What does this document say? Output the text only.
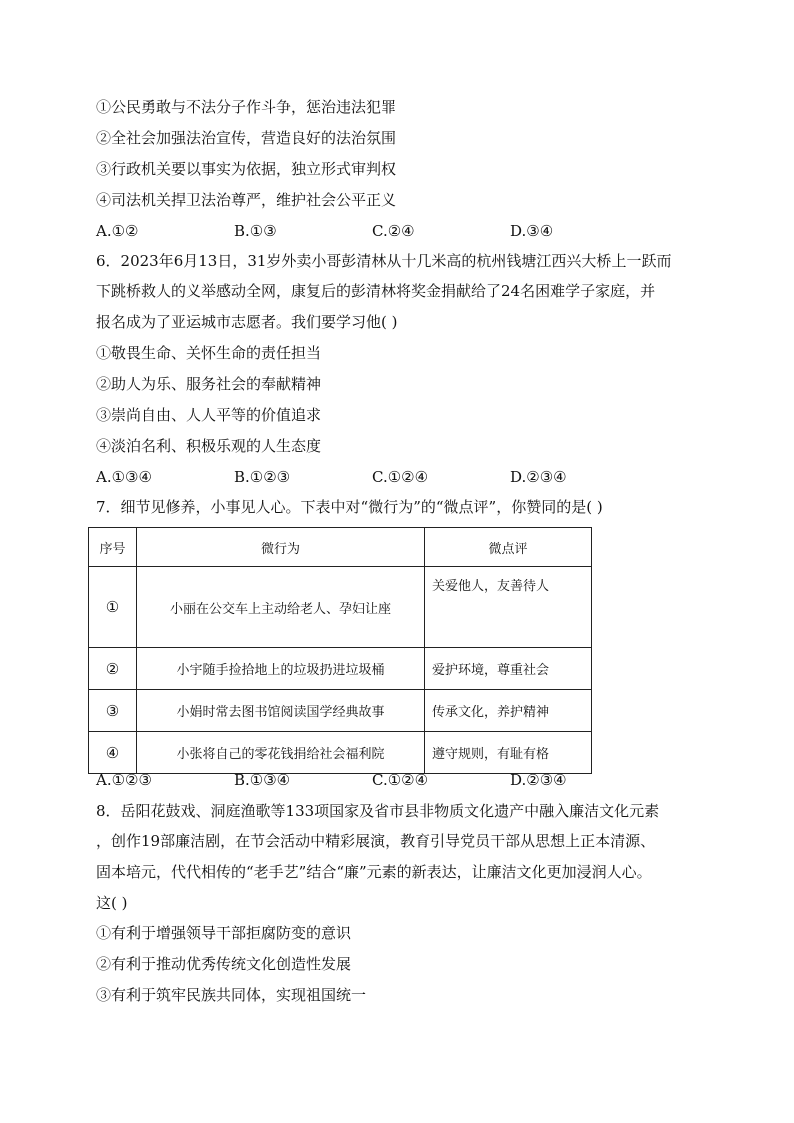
①公民勇敢与不法分子作斗争，惩治违法犯罪
②全社会加强法治宣传，营造良好的法治氛围
③行政机关要以事实为依据，独立形式审判权
④司法机关捍卫法治尊严，维护社会公平正义
A.①②	B.①③	C.②④	D.③④
6．2023年6月13日，31岁外卖小哥彭清林从十几米高的杭州钱塘江西兴大桥上一跃而
下跳桥救人的义举感动全网，康复后的彭清林将奖金捐献给了24名困难学子家庭，并
报名成为了亚运城市志愿者。我们要学习他( )
①敬畏生命、关怀生命的责任担当
②助人为乐、服务社会的奉献精神
③崇尚自由、人人平等的价值追求
④淡泊名利、积极乐观的人生态度
A.①③④	B.①②③	C.①②④	D.②③④
7．细节见修养，小事见人心。下表中对“微行为”的“微点评”，你赞同的是( )
序号	微行为	微点评
①	小丽在公交车上主动给老人、孕妇让座	关爱他人，友善待人
②	小宇随手捡拾地上的垃圾扔进垃圾桶	爱护环境，尊重社会
③	小娟时常去图书馆阅读国学经典故事	传承文化，养护精神
④	小张将自己的零花钱捐给社会福利院	遵守规则，有耻有格
A.①②③	B.①③④	C.①②④	D.②③④
8．岳阳花鼓戏、洞庭渔歌等133项国家及省市县非物质文化遗产中融入廉洁文化元素
，创作19部廉洁剧，在节会活动中精彩展演，教育引导党员干部从思想上正本清源、
固本培元，代代相传的“老手艺”结合“廉”元素的新表达，让廉洁文化更加浸润人心。
这( )
①有利于增强领导干部拒腐防变的意识
②有利于推动优秀传统文化创造性发展
③有利于筑牢民族共同体，实现祖国统一
